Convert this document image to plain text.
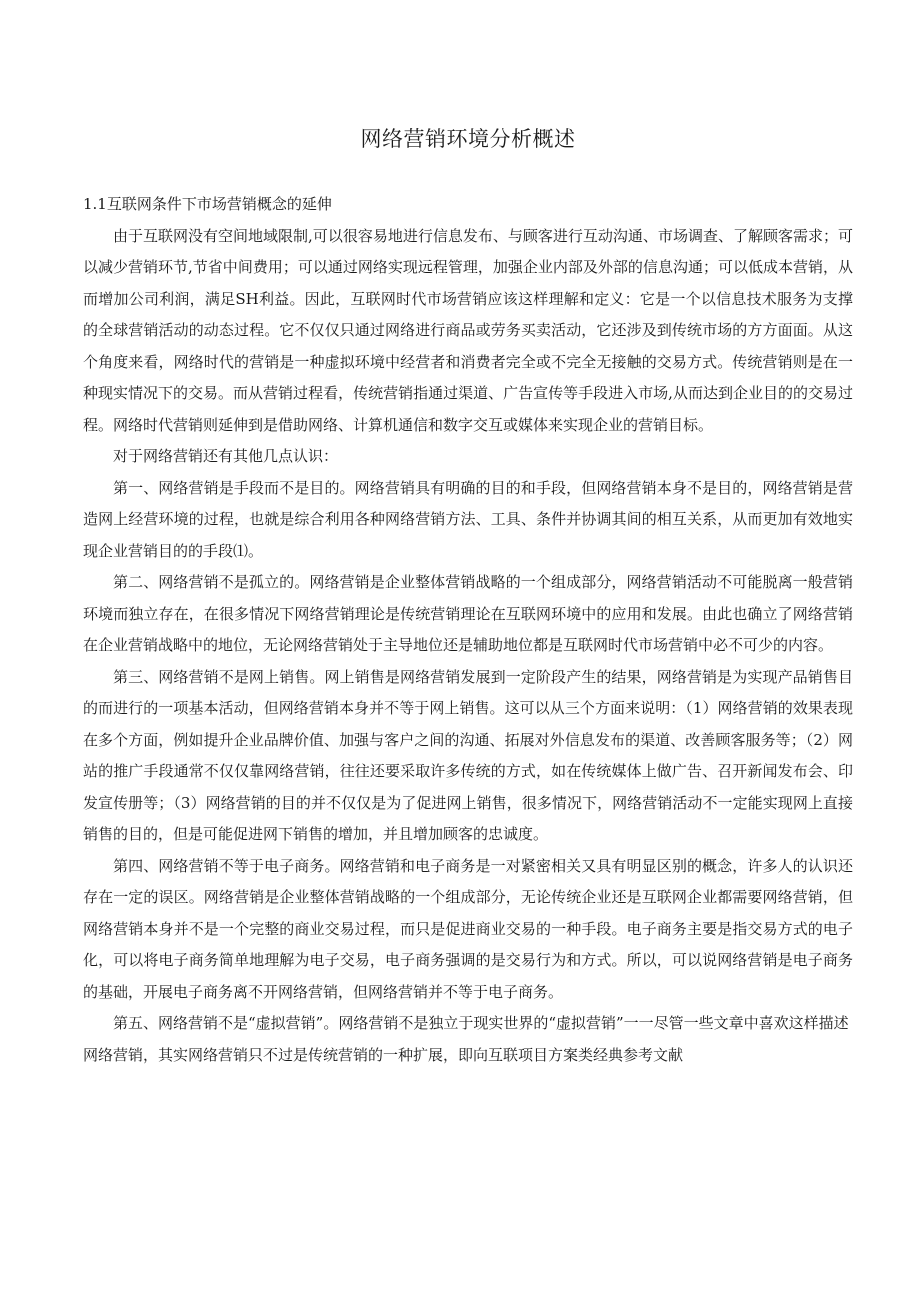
网络营销环境分析概述

1.1互联网条件下市场营销概念的延伸

由于互联网没有空间地域限制,可以很容易地进行信息发布、与顾客进行互动沟通、市场调查、了解顾客需求；可以减少营销环节,节省中间费用；可以通过网络实现远程管理，加强企业内部及外部的信息沟通；可以低成本营销，从而增加公司利润，满足SH利益。因此，互联网时代市场营销应该这样理解和定义：它是一个以信息技术服务为支撑的全球营销活动的动态过程。它不仅仅只通过网络进行商品或劳务买卖活动，它还涉及到传统市场的方方面面。从这个角度来看，网络时代的营销是一种虚拟环境中经营者和消费者完全或不完全无接触的交易方式。传统营销则是在一种现实情况下的交易。而从营销过程看，传统营销指通过渠道、广告宣传等手段进入市场,从而达到企业目的的交易过程。网络时代营销则延伸到是借助网络、计算机通信和数字交互或媒体来实现企业的营销目标。

对于网络营销还有其他几点认识：

第一、网络营销是手段而不是目的。网络营销具有明确的目的和手段，但网络营销本身不是目的，网络营销是营造网上经营环境的过程，也就是综合利用各种网络营销方法、工具、条件并协调其间的相互关系，从而更加有效地实现企业营销目的的手段⑴。

第二、网络营销不是孤立的。网络营销是企业整体营销战略的一个组成部分，网络营销活动不可能脱离一般营销环境而独立存在，在很多情况下网络营销理论是传统营销理论在互联网环境中的应用和发展。由此也确立了网络营销在企业营销战略中的地位，无论网络营销处于主导地位还是辅助地位都是互联网时代市场营销中必不可少的内容。

第三、网络营销不是网上销售。网上销售是网络营销发展到一定阶段产生的结果，网络营销是为实现产品销售目的而进行的一项基本活动，但网络营销本身并不等于网上销售。这可以从三个方面来说明：（1）网络营销的效果表现在多个方面，例如提升企业品牌价值、加强与客户之间的沟通、拓展对外信息发布的渠道、改善顾客服务等；（2）网站的推广手段通常不仅仅靠网络营销，往往还要采取许多传统的方式，如在传统媒体上做广告、召开新闻发布会、印发宣传册等；（3）网络营销的目的并不仅仅是为了促进网上销售，很多情况下，网络营销活动不一定能实现网上直接销售的目的，但是可能促进网下销售的增加，并且增加顾客的忠诚度。

第四、网络营销不等于电子商务。网络营销和电子商务是一对紧密相关又具有明显区别的概念，许多人的认识还存在一定的误区。网络营销是企业整体营销战略的一个组成部分，无论传统企业还是互联网企业都需要网络营销，但网络营销本身并不是一个完整的商业交易过程，而只是促进商业交易的一种手段。电子商务主要是指交易方式的电子化，可以将电子商务简单地理解为电子交易，电子商务强调的是交易行为和方式。所以，可以说网络营销是电子商务的基础，开展电子商务离不开网络营销，但网络营销并不等于电子商务。

第五、网络营销不是“虚拟营销”。网络营销不是独立于现实世界的“虚拟营销”一一尽管一些文章中喜欢这样描述网络营销，其实网络营销只不过是传统营销的一种扩展，即向互联项目方案类经典参考文献
